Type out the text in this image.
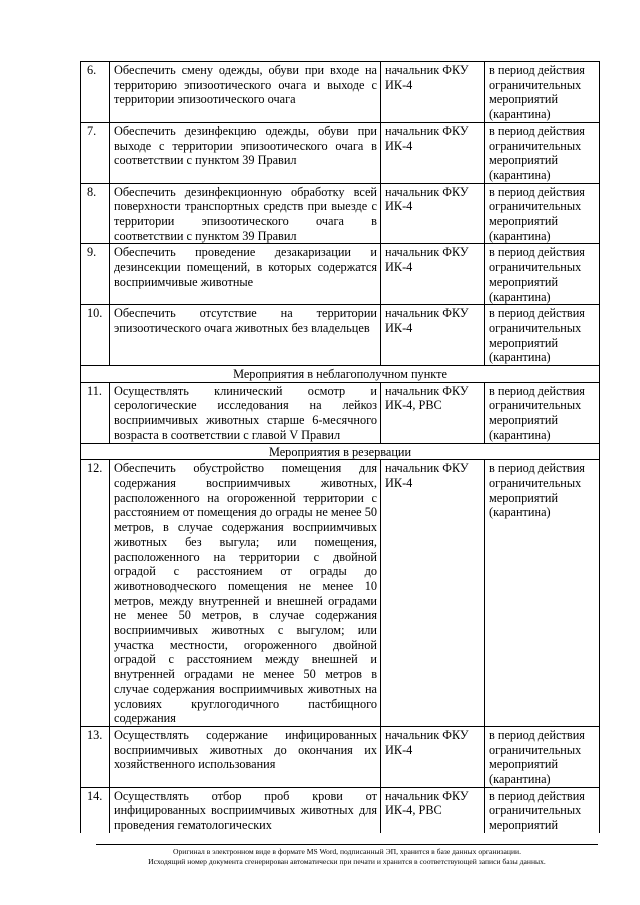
6.	Обеспечить смену одежды, обуви при входе на территорию эпизоотического очага и выходе с территории эпизоотического очага	начальник ФКУ ИК-4	в период действия ограничительных мероприятий (карантина)
7.	Обеспечить дезинфекцию одежды, обуви при выходе с территории эпизоотического очага в соответствии с пунктом 39 Правил	начальник ФКУ ИК-4	в период действия ограничительных мероприятий (карантина)
8.	Обеспечить дезинфекционную обработку всей поверхности транспортных средств при выезде с территории эпизоотического очага в соответствии с пунктом 39 Правил	начальник ФКУ ИК-4	в период действия ограничительных мероприятий (карантина)
9.	Обеспечить проведение дезакаризации и дезинсекции помещений, в которых содержатся восприимчивые животные	начальник ФКУ ИК-4	в период действия ограничительных мероприятий (карантина)
10.	Обеспечить отсутствие на территории эпизоотического очага животных без владельцев	начальник ФКУ ИК-4	в период действия ограничительных мероприятий (карантина)
Мероприятия в неблагополучном пункте			
11.	Осуществлять клинический осмотр и серологические исследования на лейкоз восприимчивых животных старше 6-месячного возраста в соответствии с главой V Правил	начальник ФКУ ИК-4, РВС	в период действия ограничительных мероприятий (карантина)
Мероприятия в резервации			
12.	Обеспечить обустройство помещения для содержания восприимчивых животных, расположенного на огороженной территории с расстоянием от помещения до ограды не менее 50 метров, в случае содержания восприимчивых животных без выгула; или помещения, расположенного на территории с двойной оградой с расстоянием от ограды до животноводческого помещения не менее 10 метров, между внутренней и внешней оградами не менее 50 метров, в случае содержания восприимчивых животных с выгулом; или участка местности, огороженного двойной оградой с расстоянием между внешней и внутренней оградами не менее 50 метров в случае содержания восприимчивых животных на условиях круглогодичного пастбищного содержания	начальник ФКУ ИК-4	в период действия ограничительных мероприятий (карантина)
13.	Осуществлять содержание инфицированных восприимчивых животных до окончания их хозяйственного использования	начальник ФКУ ИК-4	в период действия ограничительных мероприятий (карантина)
14.	Осуществлять отбор проб крови от инфицированных восприимчивых животных для проведения гематологических	начальник ФКУ ИК-4, РВС	в период действия ограничительных мероприятий
Оригинал в электронном виде в формате MS Word, подписанный ЭП, хранится в базе данных организации.
Исходящий номер документа сгенерирован автоматически при печати и хранится в соответствующей записи базы данных.
